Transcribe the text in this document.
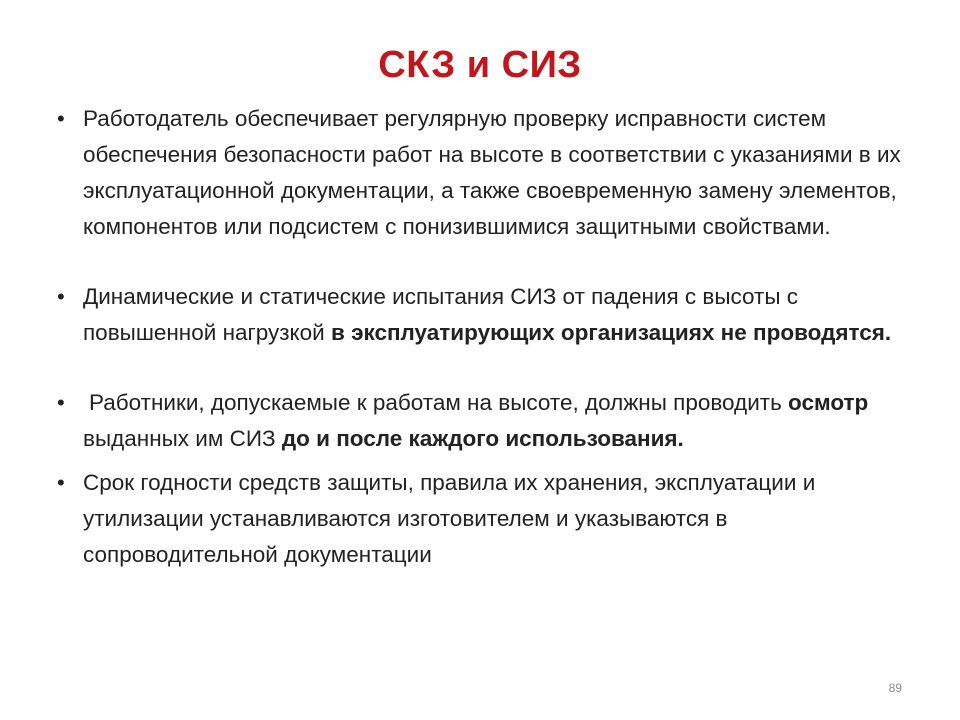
СКЗ и СИЗ
• Работодатель обеспечивает регулярную проверку исправности систем обеспечения безопасности работ на высоте в соответствии с указаниями в их эксплуатационной документации, а также своевременную замену элементов, компонентов или подсистем с понизившимися защитными свойствами.
• Динамические и статические испытания СИЗ от падения с высоты с повышенной нагрузкой в эксплуатирующих организациях не проводятся.
• Работники, допускаемые к работам на высоте, должны проводить осмотр выданных им СИЗ до и после каждого использования.
• Срок годности средств защиты, правила их хранения, эксплуатации и утилизации устанавливаются изготовителем и указываются в сопроводительной документации
89
